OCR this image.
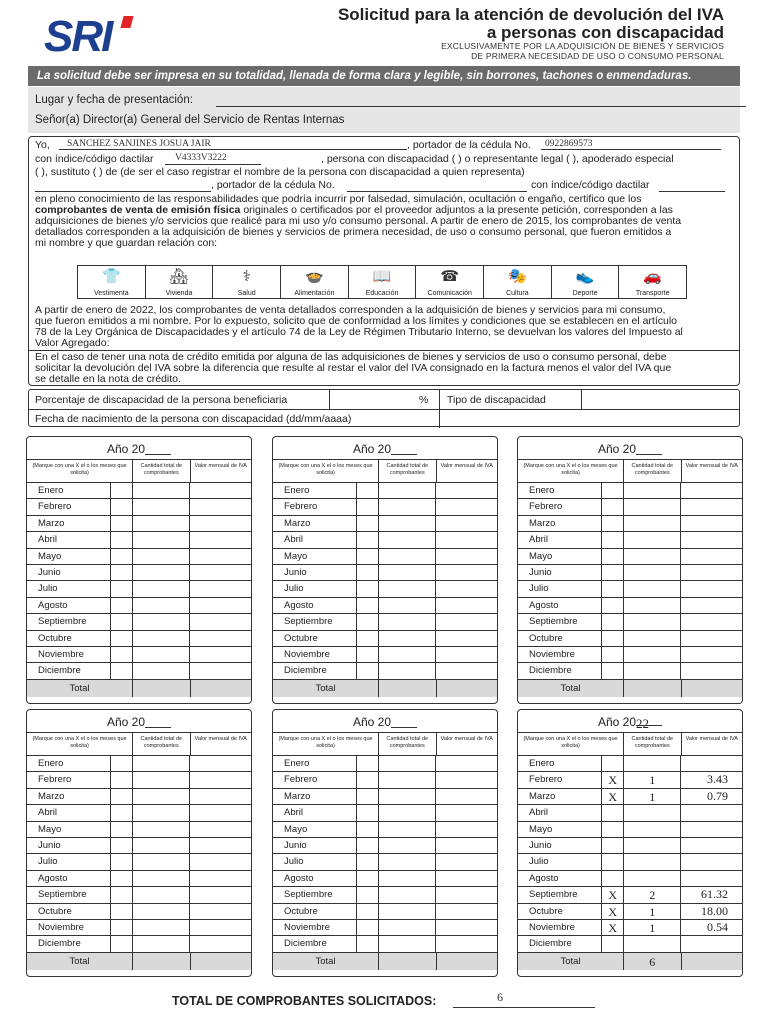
SRI	Solicitud para la atención de devolución del IVA
a personas con discapacidad
EXCLUSIVAMENTE POR LA ADQUISICIÓN DE BIENES Y SERVICIOS
DE PRIMERA NECESIDAD DE USO O CONSUMO PERSONAL
La solicitud debe ser impresa en su totalidad, llenada de forma clara y legible, sin borrones, tachones o enmendaduras.
Lugar y fecha de presentación:
Señor(a) Director(a) General del Servicio de Rentas Internas
Yo, SANCHEZ SANJINES JOSUA JAIR	, portador de la cédula No. 0922869573
con índice/código dactilar V4333V3222	, persona con discapacidad ( ) o representante legal ( ), apoderado especial
( ), sustituto ( ) de (de ser el caso registrar el nombre de la persona con discapacidad a quien representa)
, portador de la cédula No.	con índice/código dactilar
en pleno conocimiento de las responsabilidades que podría incurrir por falsedad, simulación, ocultación o engaño, certifico que los
comprobantes de venta de emisión física originales o certificados por el proveedor adjuntos a la presente petición, corresponden a las
adquisiciones de bienes y/o servicios que realicé para mi uso y/o consumo personal. A partir de enero de 2015, los comprobantes de venta
detallados corresponden a la adquisición de bienes y servicios de primera necesidad, de uso o consumo personal, que fueron emitidos a
mi nombre y que guardan relación con:
👕
Vestimenta
🏘
Vivienda
⚕
Salud
🍲
Alimentación
📖
Educación
☎
Comunicación
🎭
Cultura
👟
Deporte
🚗
Transporte
A partir de enero de 2022, los comprobantes de venta detallados corresponden a la adquisición de bienes y servicios para mi consumo,
que fueron emitidos a mi nombre. Por lo expuesto, solicito que de conformidad a los límites y condiciones que se establecen en el artículo
78 de la Ley Orgánica de Discapacidades y el artículo 74 de la Ley de Régimen Tributario Interno, se devuelvan los valores del Impuesto al
Valor Agregado:
En el caso de tener una nota de crédito emitida por alguna de las adquisiciones de bienes y servicios de uso o consumo personal, debe
solicitar la devolución del IVA sobre la diferencia que resulte al restar el valor del IVA consignado en la factura menos el valor del IVA que
se detalle en la nota de crédito.
Porcentaje de discapacidad de la persona beneficiaria	% Tipo de discapacidad
Fecha de nacimiento de la persona con discapacidad (dd/mm/aaaa)
Año 20
(Marque con una X el o los meses que solicita)
Cantidad total de comprobantes
Valor mensual de IVA
Enero
Febrero
Marzo
Abril
Mayo
Junio
Julio
Agosto
Septiembre
Octubre
Noviembre
Diciembre
Total
Año 20
(Marque con una X el o los meses que solicita)
Cantidad total de comprobantes
Valor mensual de IVA
Enero
Febrero
Marzo
Abril
Mayo
Junio
Julio
Agosto
Septiembre
Octubre
Noviembre
Diciembre
Total
Año 20
(Marque con una X el o los meses que solicita)
Cantidad total de comprobantes
Valor mensual de IVA
Enero
Febrero
Marzo
Abril
Mayo
Junio
Julio
Agosto
Septiembre
Octubre
Noviembre
Diciembre
Total
Año 20
(Marque con una X el o los meses que solicita)
Cantidad total de comprobantes
Valor mensual de IVA
Enero
Febrero
Marzo
Abril
Mayo
Junio
Julio
Agosto
Septiembre
Octubre
Noviembre
Diciembre
Total
Año 20
(Marque con una X el o los meses que solicita)
Cantidad total de comprobantes
Valor mensual de IVA
Enero
Febrero
Marzo
Abril
Mayo
Junio
Julio
Agosto
Septiembre
Octubre
Noviembre
Diciembre
Total
Año 2022
(Marque con una X el o los meses que solicita)
Cantidad total de comprobantes
Valor mensual de IVA
Enero
Febrero	X	1	3.43
Marzo	X	1	0.79
Abril
Mayo
Junio
Julio
Agosto
Septiembre	X	2	61.32
Octubre	X	1	18.00
Noviembre	X	1	0.54
Diciembre
Total	6
TOTAL DE COMPROBANTES SOLICITADOS:	6
